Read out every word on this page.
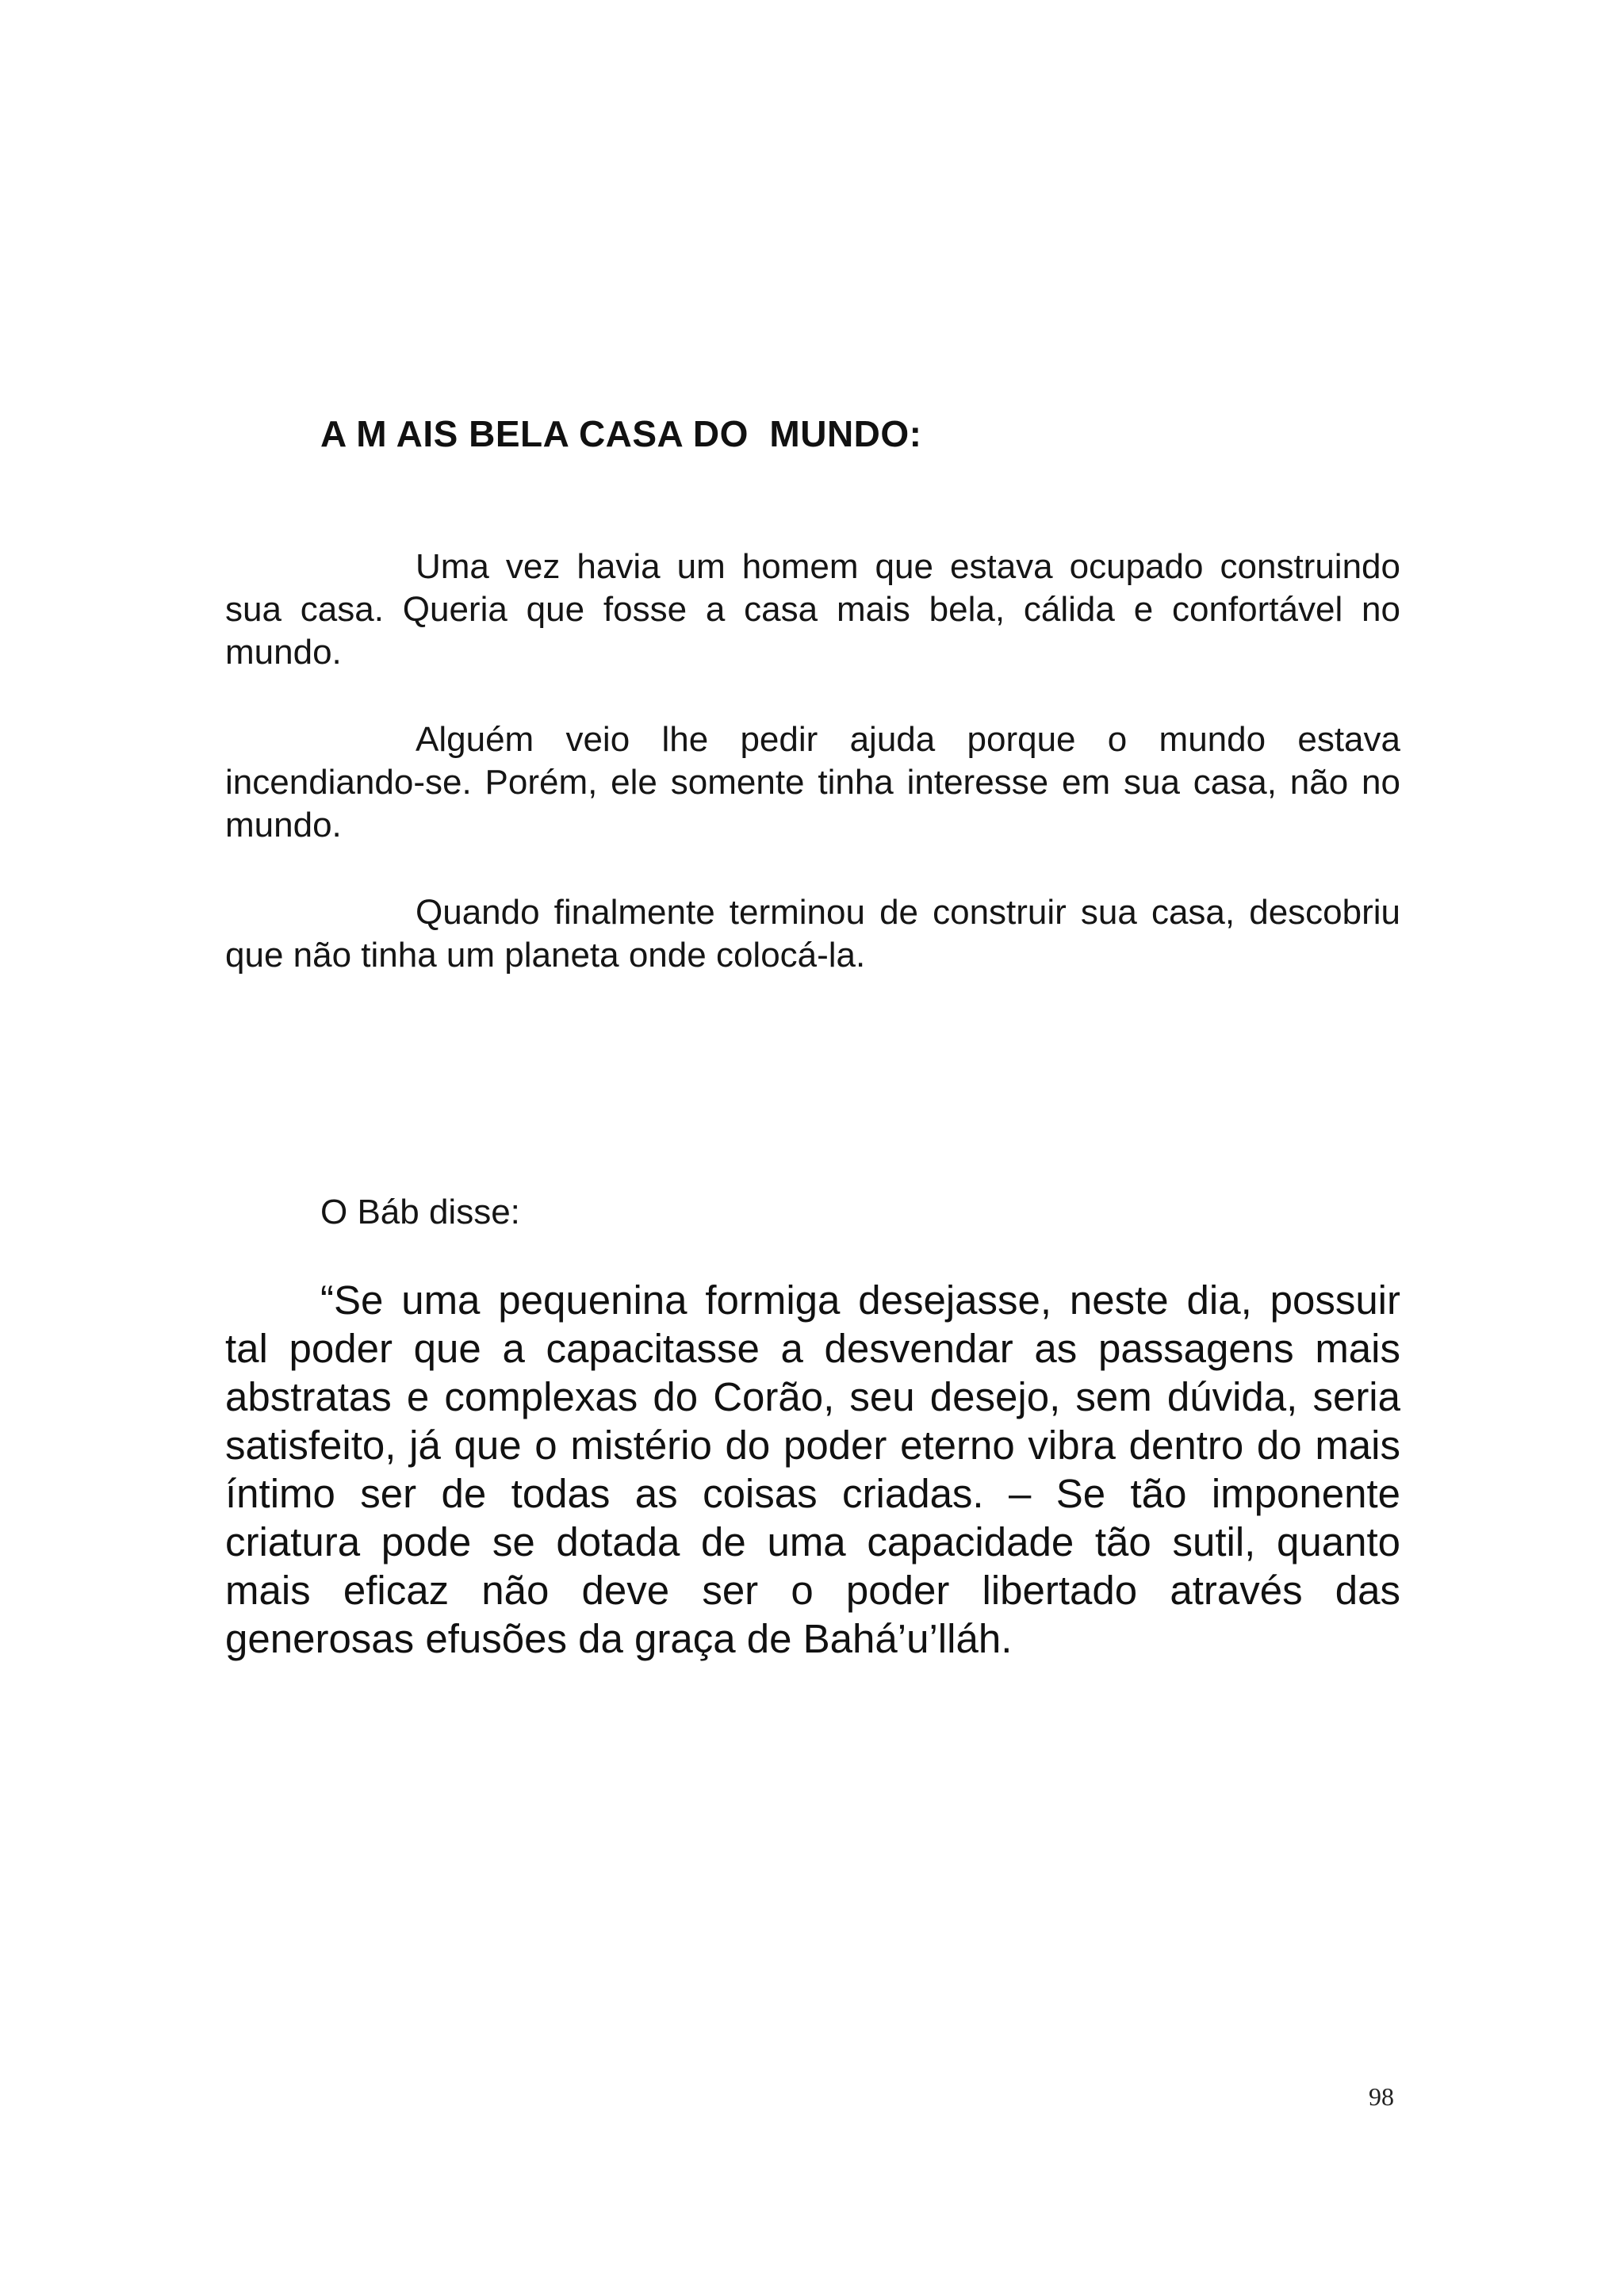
A M AIS BELA CASA DO  MUNDO:

Uma vez havia um homem que estava ocupado construindo sua casa. Queria que fosse a casa mais bela, cálida e confortável no mundo.

Alguém veio lhe pedir ajuda porque o mundo estava incendiando-se. Porém, ele somente tinha interesse em sua casa, não no mundo.

Quando finalmente terminou de construir sua casa, descobriu que não tinha um planeta onde colocá-la.

O Báb disse:

“Se uma pequenina formiga desejasse, neste dia, possuir tal poder que a capacitasse a desvendar as passagens mais abstratas e complexas do Corão, seu desejo, sem dúvida, seria satisfeito, já que o mistério do poder eterno vibra dentro do mais íntimo ser de todas as coisas criadas. – Se tão imponente criatura pode se dotada de uma capacidade tão sutil, quanto mais eficaz não deve ser o poder libertado através das generosas efusões da graça de Bahá’u’lláh.

98
